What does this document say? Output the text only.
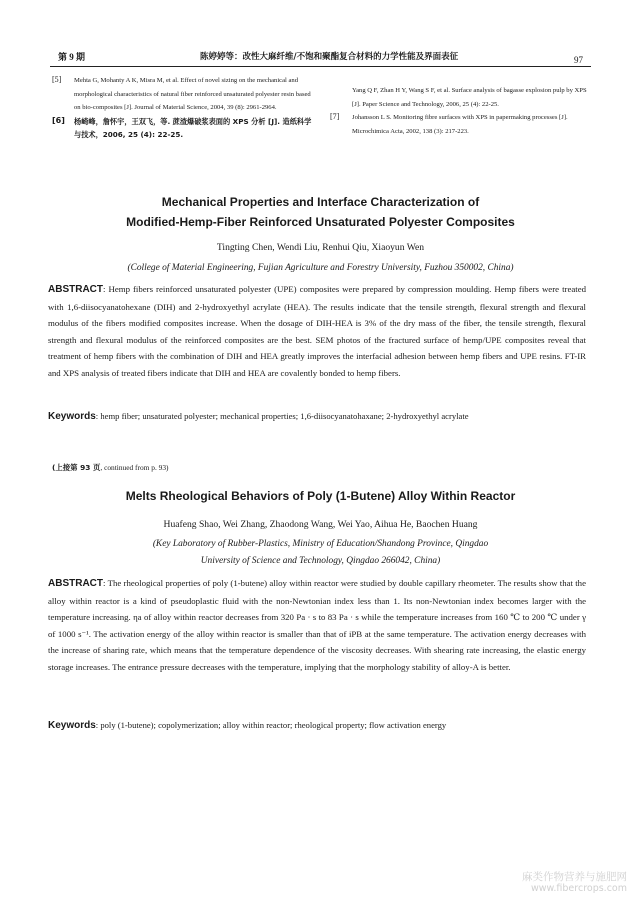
第 9 期	陈婷婷等：改性大麻纤维/不饱和聚酯复合材料的力学性能及界面表征	97
[5] Mehta G, Mohanty A K, Misra M, et al. Effect of novel sizing on the mechanical and morphological characteristics of natural fiber reinforced unsaturated polyester resin based on bio-composites [J]. Journal of Material Science, 2004, 39 (8): 2961-2964.
[6] 杨崎峰，詹怀宇，王双飞，等. 蔗渣爆破浆表面的 XPS 分析 [J]. 造纸科学与技术，2006, 25 (4): 22-25.
Yang Q F, Zhan H Y, Wang S F, et al. Surface analysis of bagasse explosion pulp by XPS [J]. Paper Science and Technology, 2006, 25 (4): 22-25.
[7] Johansson L S. Monitoring fibre surfaces with XPS in papermaking processes [J]. Microchimica Acta, 2002, 138 (3): 217-223.
Mechanical Properties and Interface Characterization of
Modified-Hemp-Fiber Reinforced Unsaturated Polyester Composites
Tingting Chen, Wendi Liu, Renhui Qiu, Xiaoyun Wen
(College of Material Engineering, Fujian Agriculture and Forestry University, Fuzhou 350002, China)
ABSTRACT: Hemp fibers reinforced unsaturated polyester (UPE) composites were prepared by compression moulding. Hemp fibers were treated with 1,6-diisocyanatohexane (DIH) and 2-hydroxyethyl acrylate (HEA). The results indicate that the tensile strength, flexural strength and flexural modulus of the fibers modified composites increase. When the dosage of DIH-HEA is 3% of the dry mass of the fiber, the tensile strength, flexural strength and flexural modulus of the reinforced composites are the best. SEM photos of the fractured surface of hemp/UPE composites reveal that treatment of hemp fibers with the combination of DIH and HEA greatly improves the interfacial adhesion between hemp fibers and UPE resins. FT-IR and XPS analysis of treated fibers indicate that DIH and HEA are covalently bonded to hemp fibers.
Keywords: hemp fiber; unsaturated polyester; mechanical properties; 1,6-diisocyanatohaxane; 2-hydroxyethyl acrylate
(上接第 93 页, continued from p. 93)
Melts Rheological Behaviors of Poly (1-Butene) Alloy Within Reactor
Huafeng Shao, Wei Zhang, Zhaodong Wang, Wei Yao, Aihua He, Baochen Huang
(Key Laboratory of Rubber-Plastics, Ministry of Education/Shandong Province, Qingdao
University of Science and Technology, Qingdao 266042, China)
ABSTRACT: The rheological properties of poly (1-butene) alloy within reactor were studied by double capillary rheometer. The results show that the alloy within reactor is a kind of pseudoplastic fluid with the non-Newtonian index less than 1. Its non-Newtonian index becomes larger with the temperature increasing. ηa of alloy within reactor decreases from 320 Pa · s to 83 Pa · s while the temperature increases from 160 ℃ to 200 ℃ under γ of 1000 s⁻¹. The activation energy of the alloy within reactor is smaller than that of iPB at the same temperature. The activation energy decreases with the increase of sharing rate, which means that the temperature dependence of the viscosity decreases. With shearing rate increasing, the elastic energy storage increases. The entrance pressure decreases with the temperature, implying that the morphology stability of alloy-A is better.
Keywords: poly (1-butene); copolymerization; alloy within reactor; rheological property; flow activation energy
麻类作物营养与施肥网
www.fibercrops.com
